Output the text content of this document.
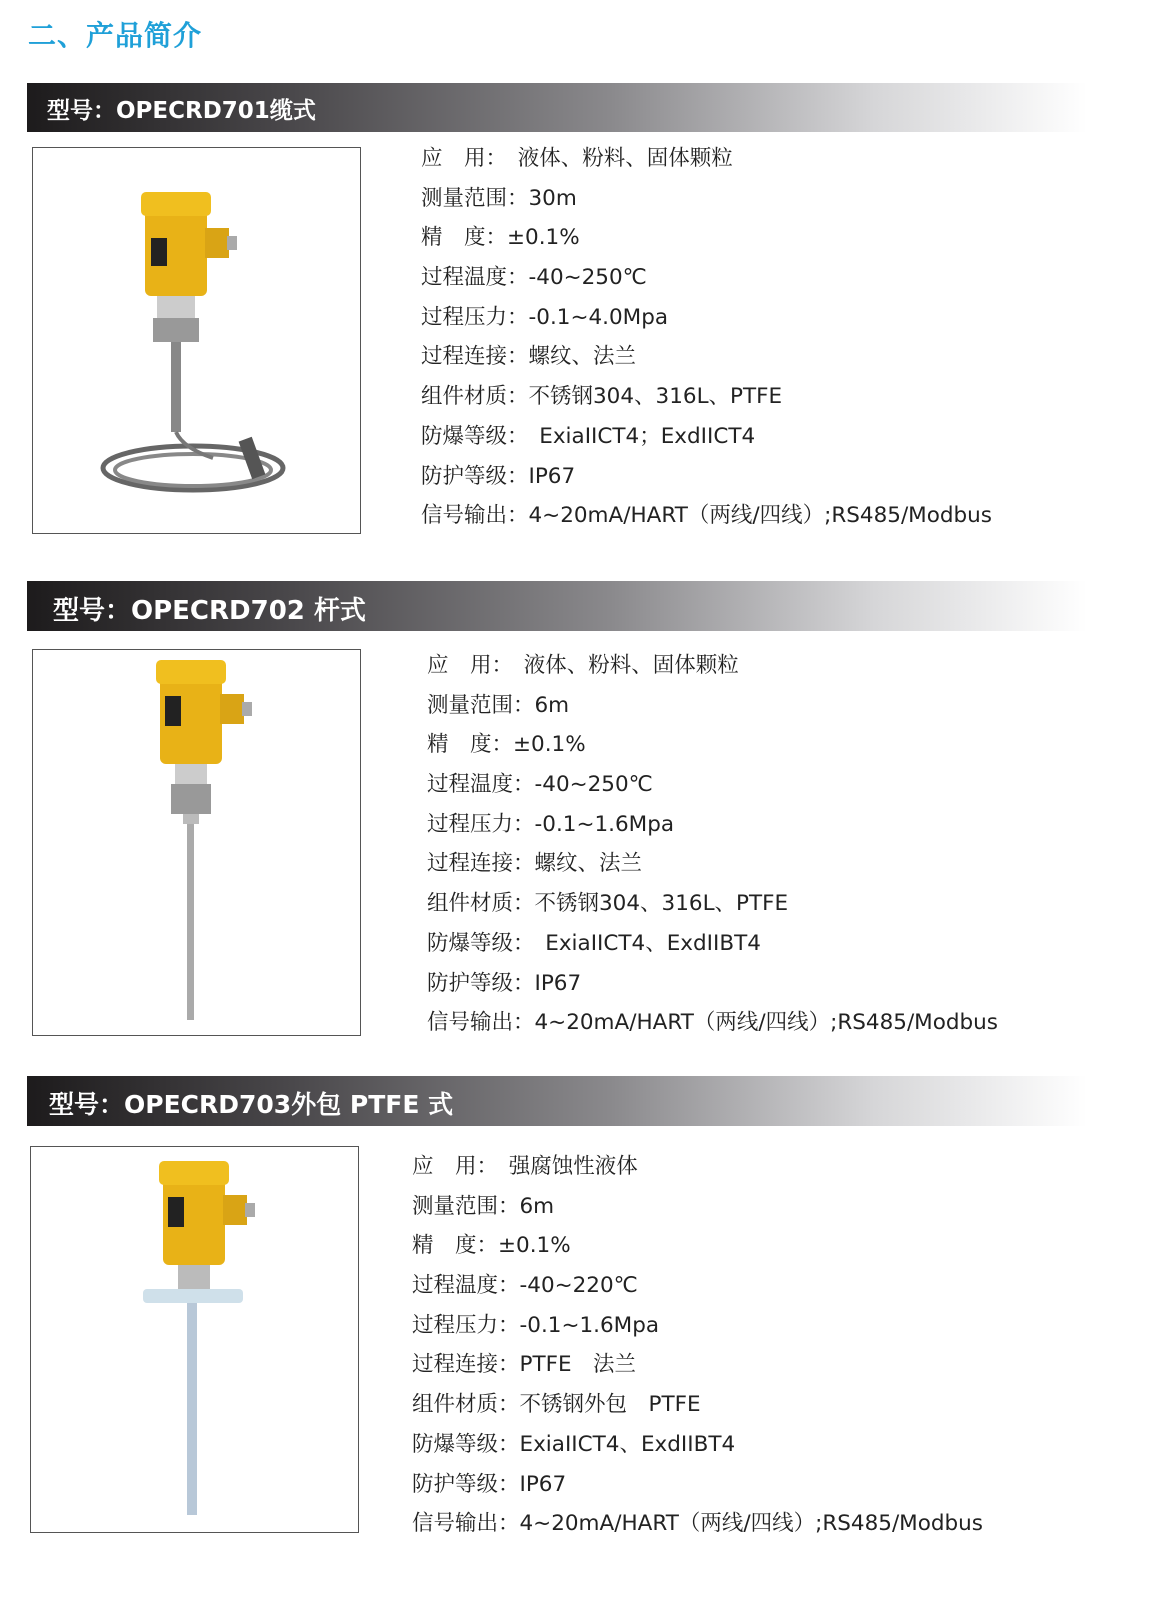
二、产品简介
型号：OPECRD701缆式
应　用：　液体、粉料、固体颗粒
测量范围：30m
精　度：±0.1%
过程温度：-40~250℃
过程压力：-0.1~4.0Mpa
过程连接：螺纹、法兰
组件材质：不锈钢304、316L、PTFE
防爆等级：　ExiaIICT4；ExdIICT4
防护等级：IP67
信号输出：4~20mA/HART（两线/四线）;RS485/Modbus
型号：OPECRD702 杆式
应　用：　液体、粉料、固体颗粒
测量范围：6m
精　度：±0.1%
过程温度：-40~250℃
过程压力：-0.1~1.6Mpa
过程连接：螺纹、法兰
组件材质：不锈钢304、316L、PTFE
防爆等级：　ExiaIICT4、ExdIIBT4
防护等级：IP67
信号输出：4~20mA/HART（两线/四线）;RS485/Modbus
型号：OPECRD703外包 PTFE 式
应　用：　强腐蚀性液体
测量范围：6m
精　度：±0.1%
过程温度：-40~220℃
过程压力：-0.1~1.6Mpa
过程连接：PTFE　法兰
组件材质：不锈钢外包　PTFE
防爆等级：ExiaIICT4、ExdIIBT4
防护等级：IP67
信号输出：4~20mA/HART（两线/四线）;RS485/Modbus
